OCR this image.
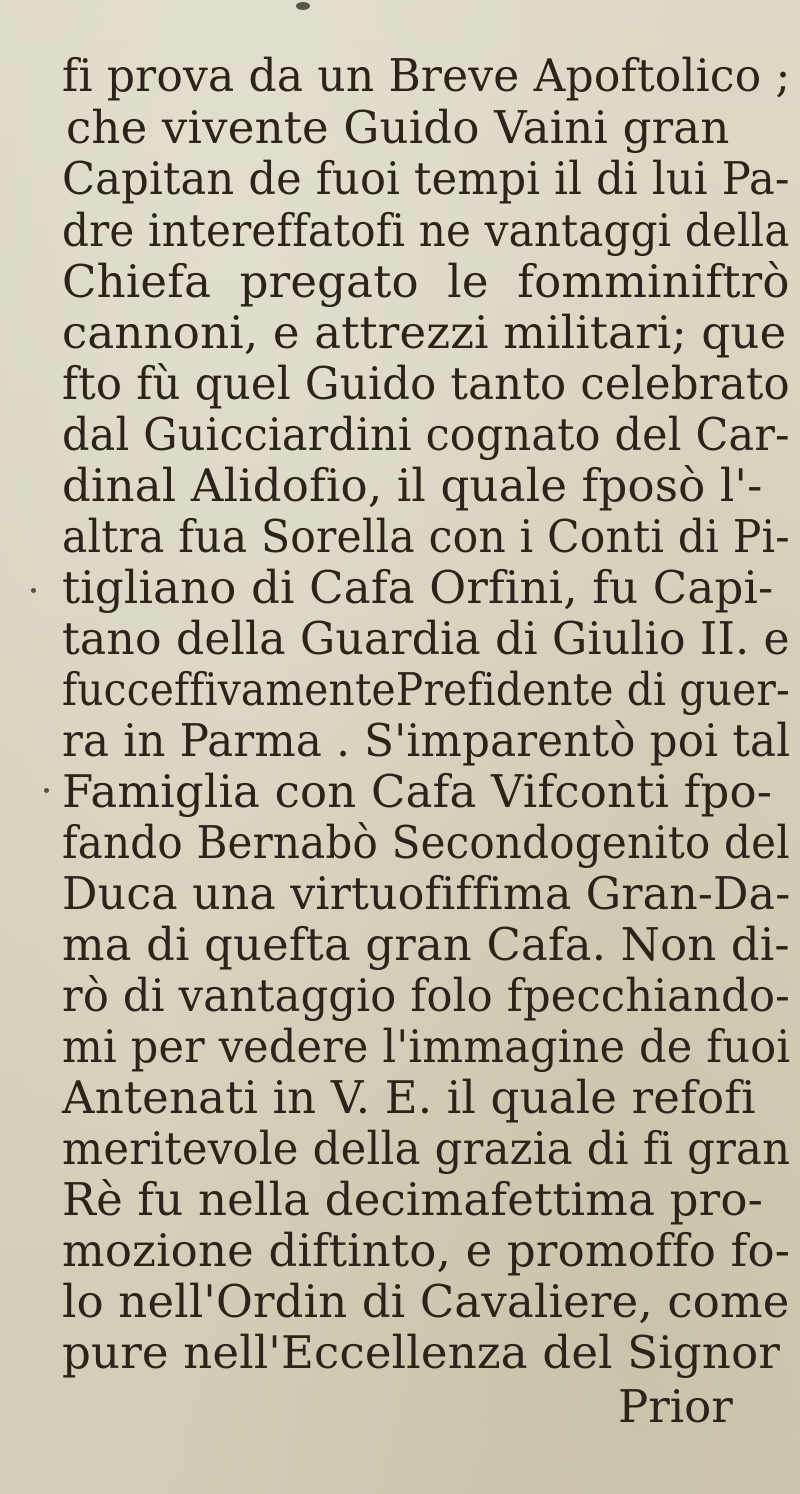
fi prova da un Breve Apoftolico ;
che vivente Guido Vaini gran
Capitan de fuoi tempi il di lui Pa-
dre intereffatofi ne vantaggi della
Chiefa pregato le fomminiftrò
cannoni, e attrezzi militari; que
fto fù quel Guido tanto celebrato
dal Guicciardini cognato del Car-
dinal Alidofio, il quale fposò l'-
altra fua Sorella con i Conti di Pi-
tigliano di Cafa Orfini, fu Capi-
tano della Guardia di Giulio II. e
fucceffivamentePrefidente di guer-
ra in Parma . S'imparentò poi tal
Famiglia con Cafa Vifconti fpo-
fando Bernabò Secondogenito del
Duca una virtuofiffima Gran-Da-
ma di quefta gran Cafa. Non di-
rò di vantaggio folo fpecchiando-
mi per vedere l'immagine de fuoi
Antenati in V. E. il quale refofi
meritevole della grazia di fi gran
Rè fu nella decimafettima pro-
mozione diftinto, e promoffo fo-
lo nell'Ordin di Cavaliere, come
pure nell'Eccellenza del Signor
Prior
